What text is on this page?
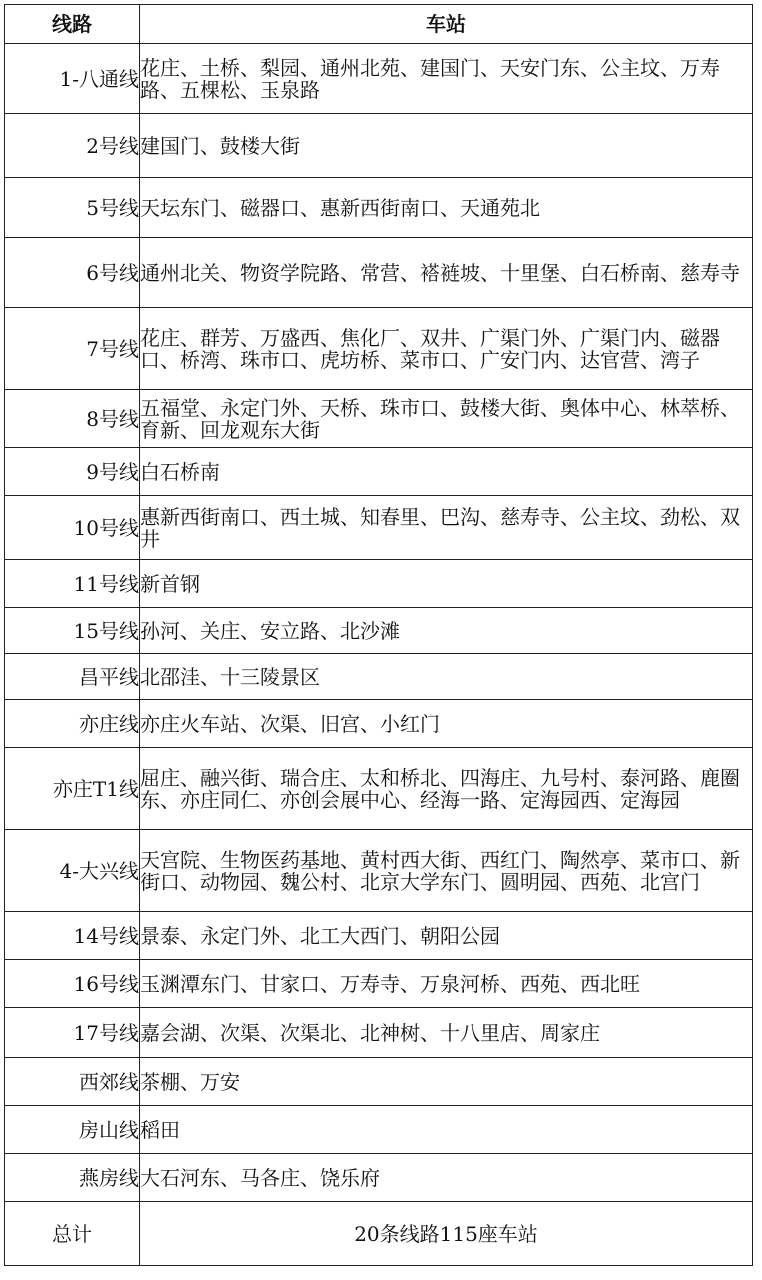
线路	车站
1-八通线	花庄、土桥、梨园、通州北苑、建国门、天安门东、公主坟、万寿路、五棵松、玉泉路
2号线	建国门、鼓楼大街
5号线	天坛东门、磁器口、惠新西街南口、天通苑北
6号线	通州北关、物资学院路、常营、褡裢坡、十里堡、白石桥南、慈寿寺
7号线	花庄、群芳、万盛西、焦化厂、双井、广渠门外、广渠门内、磁器口、桥湾、珠市口、虎坊桥、菜市口、广安门内、达官营、湾子
8号线	五福堂、永定门外、天桥、珠市口、鼓楼大街、奥体中心、林萃桥、育新、回龙观东大街
9号线	白石桥南
10号线	惠新西街南口、西土城、知春里、巴沟、慈寿寺、公主坟、劲松、双井
11号线	新首钢
15号线	孙河、关庄、安立路、北沙滩
昌平线	北邵洼、十三陵景区
亦庄线	亦庄火车站、次渠、旧宫、小红门
亦庄T1线	屈庄、融兴街、瑞合庄、太和桥北、四海庄、九号村、泰河路、鹿圈东、亦庄同仁、亦创会展中心、经海一路、定海园西、定海园
4-大兴线	天宫院、生物医药基地、黄村西大街、西红门、陶然亭、菜市口、新街口、动物园、魏公村、北京大学东门、圆明园、西苑、北宫门
14号线	景泰、永定门外、北工大西门、朝阳公园
16号线	玉渊潭东门、甘家口、万寿寺、万泉河桥、西苑、西北旺
17号线	嘉会湖、次渠、次渠北、北神树、十八里店、周家庄
西郊线	茶棚、万安
房山线	稻田
燕房线	大石河东、马各庄、饶乐府
总计	20条线路115座车站
